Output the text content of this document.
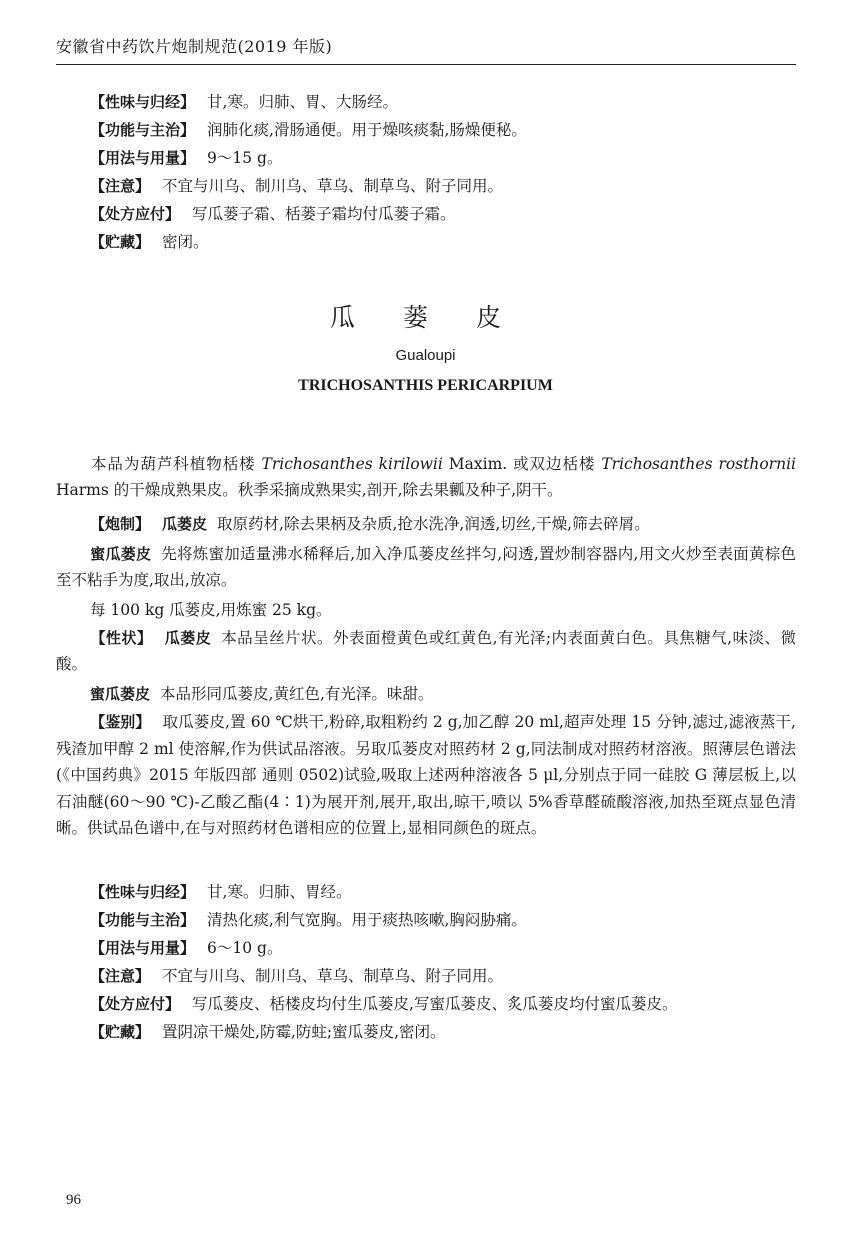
安徽省中药饮片炮制规范(2019 年版)
【性味与归经】 甘,寒。归肺、胃、大肠经。
【功能与主治】 润肺化痰,滑肠通便。用于燥咳痰黏,肠燥便秘。
【用法与用量】 9～15 g。
【注意】 不宜与川乌、制川乌、草乌、制草乌、附子同用。
【处方应付】 写瓜蒌子霜、栝蒌子霜均付瓜蒌子霜。
【贮藏】 密闭。
瓜 蒌 皮
Gualoupi
TRICHOSANTHIS PERICARPIUM
本品为葫芦科植物栝楼 Trichosanthes kirilowii Maxim. 或双边栝楼 Trichosanthes rosthornii Harms 的干燥成熟果皮。秋季采摘成熟果实,剖开,除去果瓤及种子,阴干。
【炮制】 瓜蒌皮 取原药材,除去果柄及杂质,抢水洗净,润透,切丝,干燥,筛去碎屑。
蜜瓜蒌皮 先将炼蜜加适量沸水稀释后,加入净瓜蒌皮丝拌匀,闷透,置炒制容器内,用文火炒至表面黄棕色至不粘手为度,取出,放凉。
每 100 kg 瓜蒌皮,用炼蜜 25 kg。
【性状】 瓜蒌皮 本品呈丝片状。外表面橙黄色或红黄色,有光泽;内表面黄白色。具焦糖气,味淡、微酸。
蜜瓜蒌皮 本品形同瓜蒌皮,黄红色,有光泽。味甜。
【鉴别】 取瓜蒌皮,置 60 ℃烘干,粉碎,取粗粉约 2 g,加乙醇 20 ml,超声处理 15 分钟,滤过,滤液蒸干,残渣加甲醇 2 ml 使溶解,作为供试品溶液。另取瓜蒌皮对照药材 2 g,同法制成对照药材溶液。照薄层色谱法(《中国药典》2015 年版四部 通则 0502)试验,吸取上述两种溶液各 5 μl,分别点于同一硅胶 G 薄层板上,以石油醚(60～90 ℃)-乙酸乙酯(4∶1)为展开剂,展开,取出,晾干,喷以 5%香草醛硫酸溶液,加热至斑点显色清晰。供试品色谱中,在与对照药材色谱相应的位置上,显相同颜色的斑点。
【性味与归经】 甘,寒。归肺、胃经。
【功能与主治】 清热化痰,利气宽胸。用于痰热咳嗽,胸闷胁痛。
【用法与用量】 6～10 g。
【注意】 不宜与川乌、制川乌、草乌、制草乌、附子同用。
【处方应付】 写瓜蒌皮、栝楼皮均付生瓜蒌皮,写蜜瓜蒌皮、炙瓜蒌皮均付蜜瓜蒌皮。
【贮藏】 置阴凉干燥处,防霉,防蛀;蜜瓜蒌皮,密闭。
96
